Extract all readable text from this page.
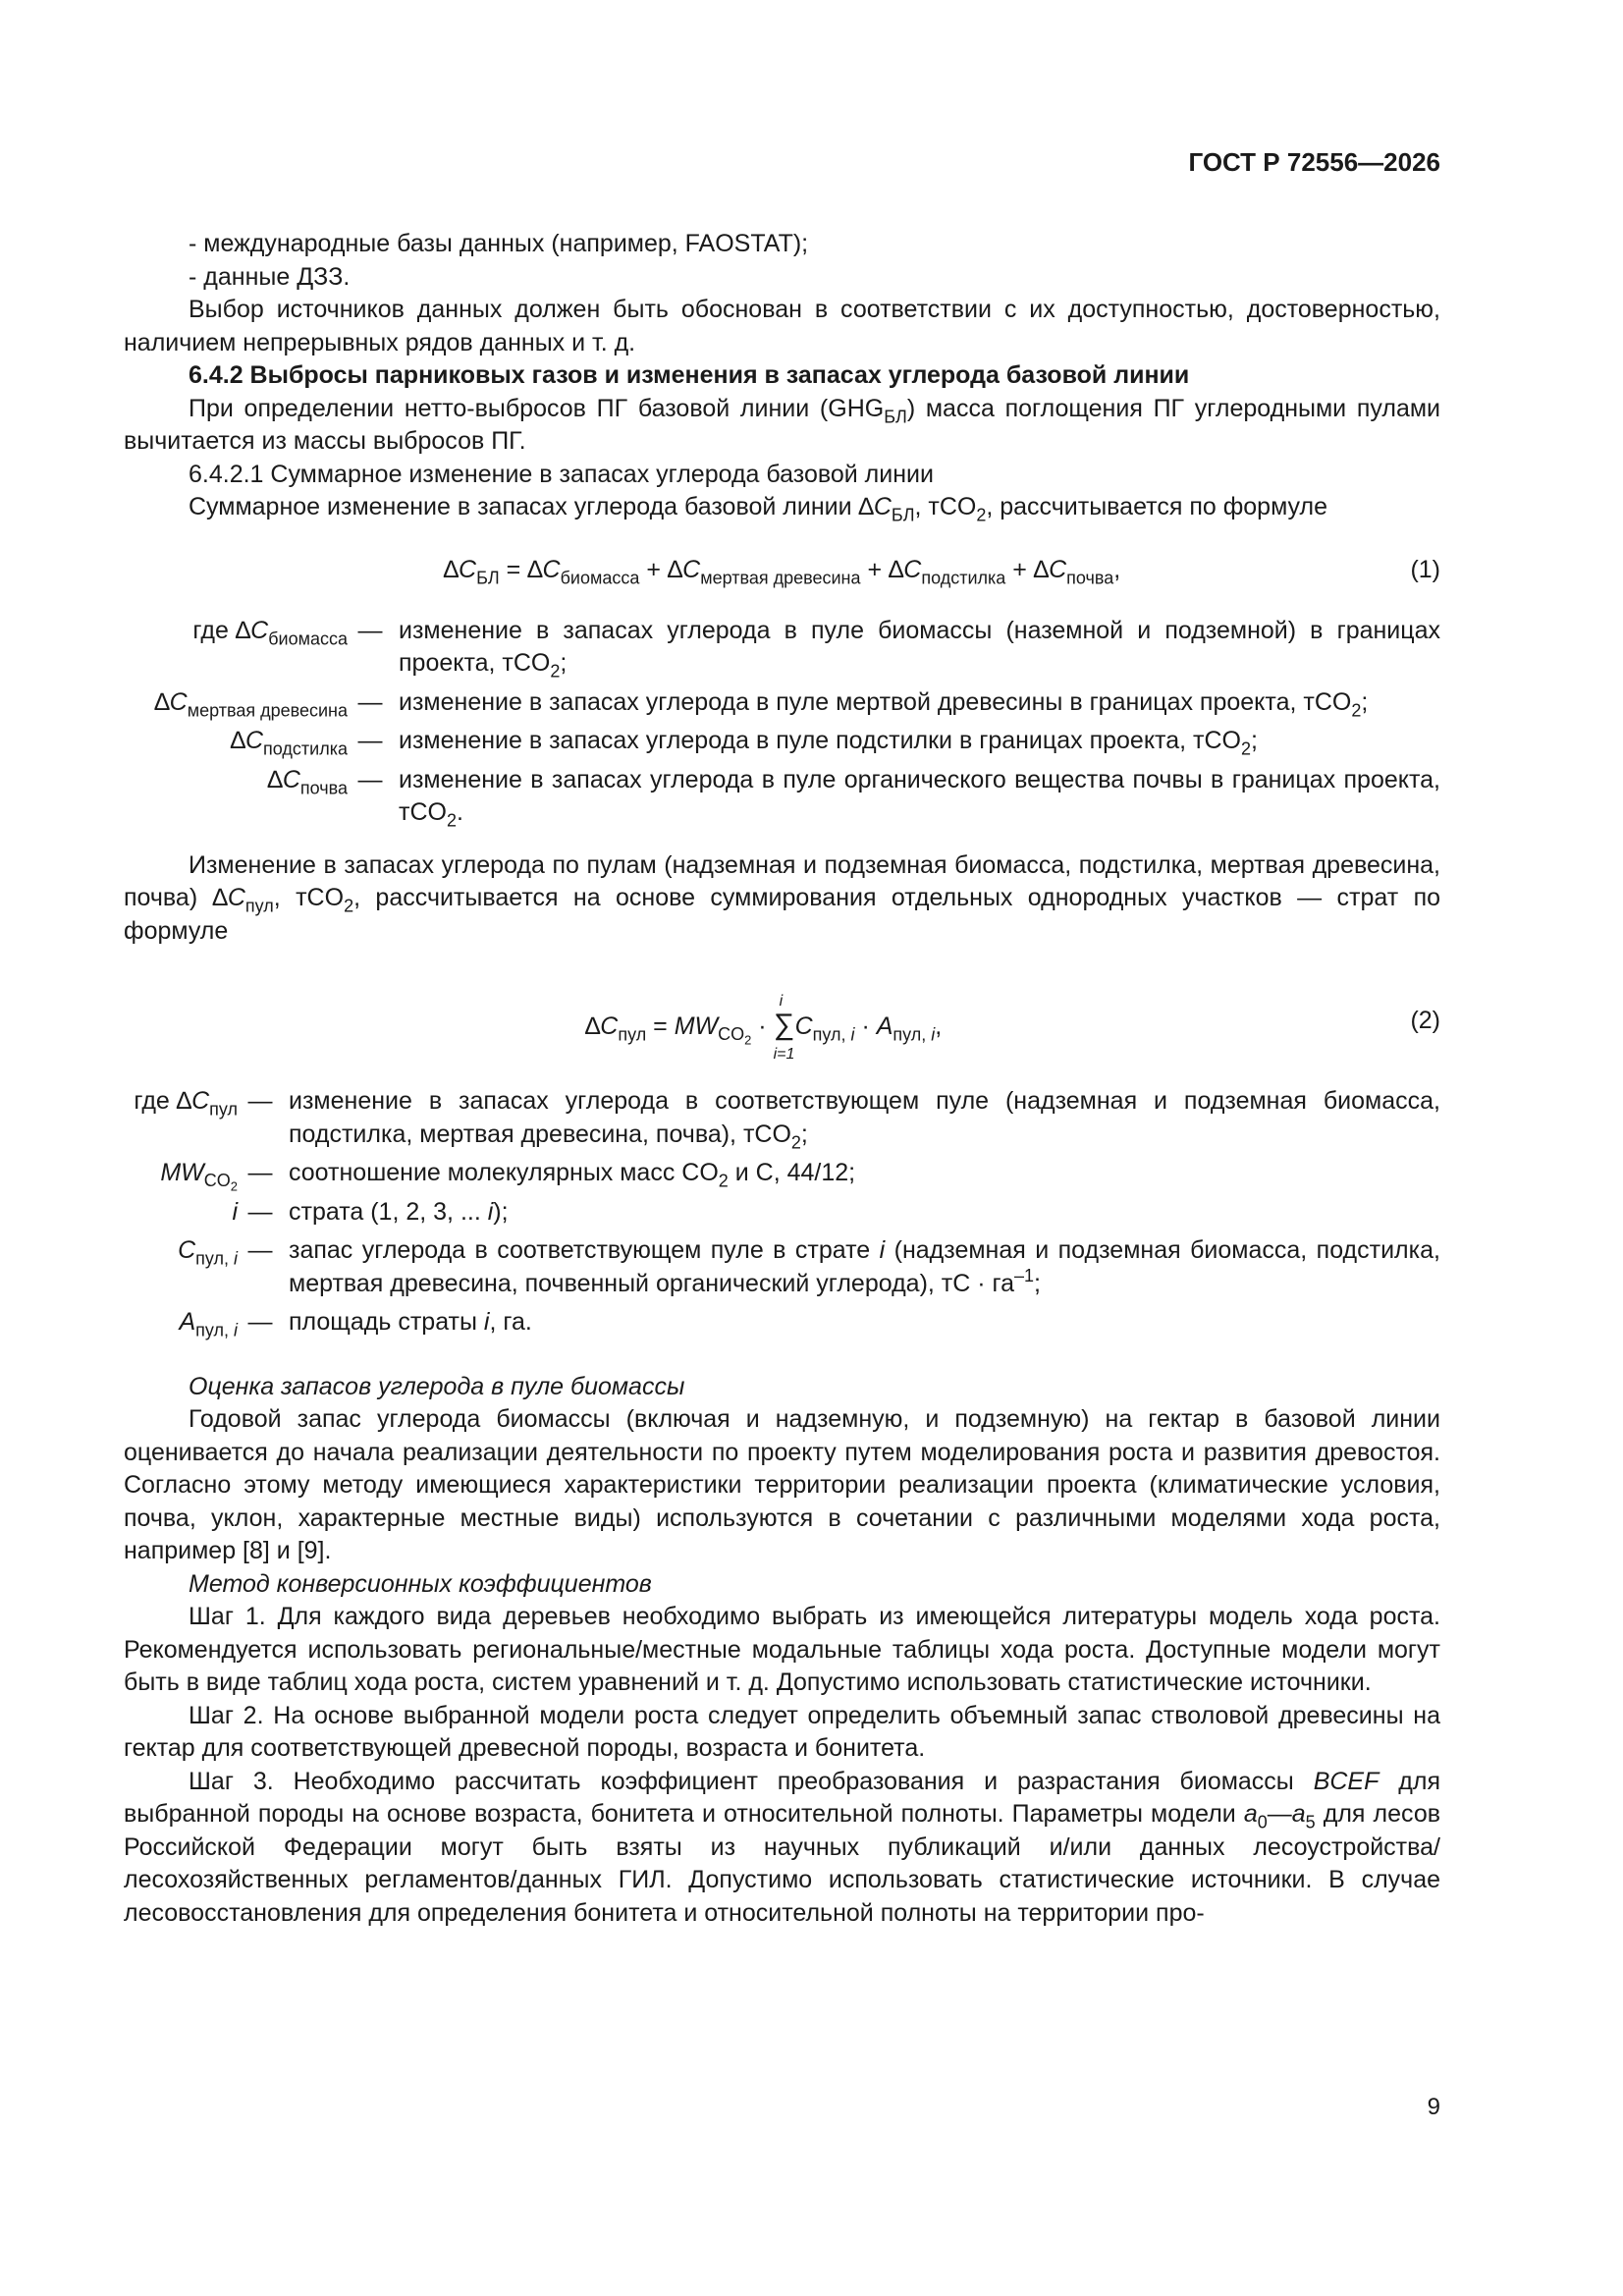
ГОСТ Р 72556—2026

- международные базы данных (например, FAOSTAT);

- данные ДЗЗ.

Выбор источников данных должен быть обоснован в соответствии с их доступностью, достоверностью, наличием непрерывных рядов данных и т. д.

6.4.2 Выбросы парниковых газов и изменения в запасах углерода базовой линии

При определении нетто-выбросов ПГ базовой линии $(GHG_{БЛ})$ масса поглощения ПГ углеродными пулами вычитается из массы выбросов ПГ.

6.4.2.1 Суммарное изменение в запасах углерода базовой линии

Суммарное изменение в запасах углерода базовой линии $\Delta C_{БЛ}$, тCO$_2$, рассчитывается по формуле

$\Delta C_{БЛ} = \Delta C_{биомасса} + \Delta C_{мертвая древесина} + \Delta C_{подстилка} + \Delta C_{почва}$,	(1)
где $\Delta C_{биомасса}$	—	изменение в запасах углерода в пуле биомассы (наземной и подземной) в границах проекта, тCO$_2$;
$\Delta C_{мертвая древесина}$	—	изменение в запасах углерода в пуле мертвой древесины в границах проекта, тCO$_2$;
$\Delta C_{подстилка}$	—	изменение в запасах углерода в пуле подстилки в границах проекта, тCO$_2$;
$\Delta C_{почва}$	—	изменение в запасах углерода в пуле органического вещества почвы в границах проекта, тCO$_2$.

Изменение в запасах углерода по пулам (надземная и подземная биомасса, подстилка, мертвая древесина, почва) $\Delta C_{пул}$, тCO$_2$, рассчитывается на основе суммирования отдельных однородных участков — страт по формуле

$\Delta C_{пул} = MW_{CO_2}$ ·
i
∑
i=1
$C_{пул, i} \cdot A_{пул, i}$,	(2)
где $\Delta C_{пул}$	—	изменение в запасах углерода в соответствующем пуле (надземная и подземная биомасса, подстилка, мертвая древесина, почва), тCO$_2$;
$MW_{CO_2}$	—	соотношение молекулярных масс $CO_2$ и C, 44/12;
i	—	страта (1, 2, 3, ... i);
$C_{пул, i}$	—	запас углерода в соответствующем пуле в страте i (надземная и подземная биомасса, подстилка, мертвая древесина, почвенный органический углерода), тC · $га^{-1}$;
$A_{пул, i}$	—	площадь страты i, га.

Оценка запасов углерода в пуле биомассы

Годовой запас углерода биомассы (включая и надземную, и подземную) на гектар в базовой линии оценивается до начала реализации деятельности по проекту путем моделирования роста и развития древостоя. Согласно этому методу имеющиеся характеристики территории реализации проекта (климатические условия, почва, уклон, характерные местные виды) используются в сочетании с различными моделями хода роста, например [8] и [9].

Метод конверсионных коэффициентов

Шаг 1. Для каждого вида деревьев необходимо выбрать из имеющейся литературы модель хода роста. Рекомендуется использовать региональные/местные модальные таблицы хода роста. Доступные модели могут быть в виде таблиц хода роста, систем уравнений и т. д. Допустимо использовать статистические источники.

Шаг 2. На основе выбранной модели роста следует определить объемный запас стволовой древесины на гектар для соответствующей древесной породы, возраста и бонитета.

Шаг 3. Необходимо рассчитать коэффициент преобразования и разрастания биомассы BCEF для выбранной породы на основе возраста, бонитета и относительной полноты. Параметры модели $a_0—a_5$ для лесов Российской Федерации могут быть взяты из научных публикаций и/или данных лесоустройства/лесохозяйственных регламентов/данных ГИЛ. Допустимо использовать статистические источники. В случае лесовосстановления для определения бонитета и относительной полноты на территории про-

9
